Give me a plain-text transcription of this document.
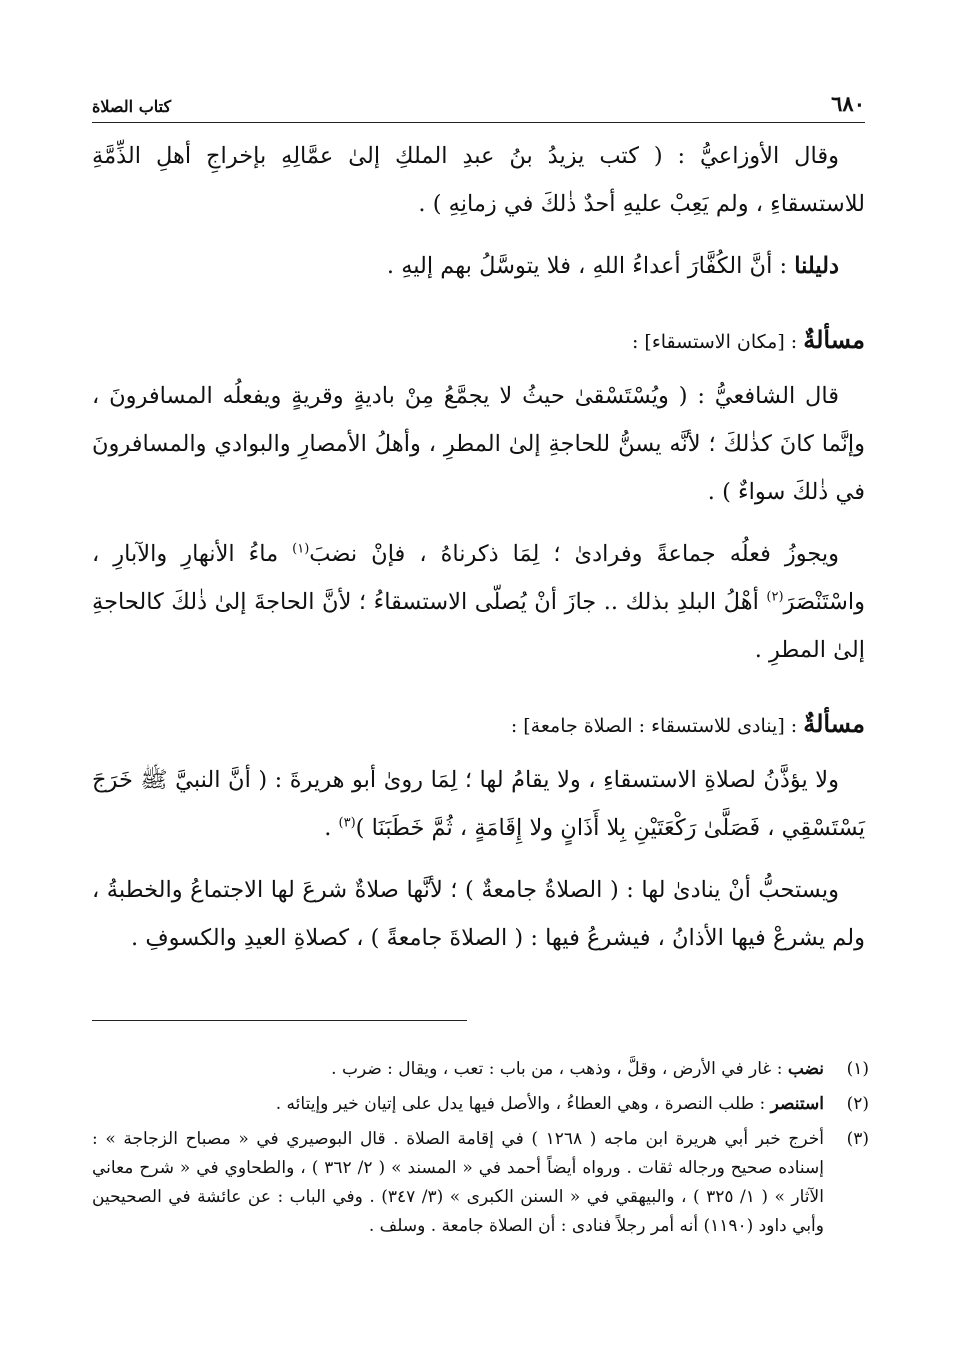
٦٨٠
كتاب الصلاة

وقال الأوزاعيُّ : ( كتب يزيدُ بنُ عبدِ الملكِ إلىٰ عمَّالِهِ بإخراجِ أهلِ الذِّمَّةِ للاستسقاءِ ، ولم يَعِبْ عليهِ أحدٌ ذٰلكَ في زمانِهِ ) .

دليلنا : أنَّ الكُفَّارَ أعداءُ اللهِ ، فلا يتوسَّلُ بهم إليهِ .

مسألةٌ : [مكان الاستسقاء] :

قال الشافعيُّ : ( ويُسْتَسْقىٰ حيثُ لا يجمَّعُ مِنْ باديةٍ وقريةٍ ويفعلُه المسافرونَ ، وإنَّما كانَ كذٰلكَ ؛ لأنَّه يسنُّ للحاجةِ إلىٰ المطرِ ، وأهلُ الأمصارِ والبوادي والمسافرونَ في ذٰلكَ سواءٌ ) .

ويجوزُ فعلُه جماعةً وفرادىٰ ؛ لِمَا ذكرناهُ ، فإنْ نضبَ$^{(١)}$ ماءُ الأنهارِ والآبارِ ، واسْتَنْصَرَ$^{(٢)}$ أهْلُ البلدِ بذلك .. جازَ أنْ يُصلّى الاستسقاءُ ؛ لأنَّ الحاجةَ إلىٰ ذٰلكَ كالحاجةِ إلىٰ المطرِ .

مسألةٌ : [ينادى للاستسقاء : الصلاة جامعة] :

ولا يؤذَّنُ لصلاةِ الاستسقاءِ ، ولا يقامُ لها ؛ لِمَا روىٰ أبو هريرةَ : ( أنَّ النبيَّ ﷺ خَرَجَ يَسْتَسْقِي ، فَصَلَّىٰ رَكْعَتَيْنِ بِلا أَذَانٍ ولا إِقَامَةٍ ، ثُمَّ خَطَبَنَا )$^{(٣)}$ .

ويستحبُّ أنْ ينادىٰ لها : ( الصلاةُ جامعةٌ ) ؛ لأنَّها صلاةٌ شرعَ لها الاجتماعُ والخطبةُ ، ولم يشرعْ فيها الأذانُ ، فيشرعُ فيها : ( الصلاةَ جامعةً ) ، كصلاةِ العيدِ والكسوفِ .

(١)
نضب : غار في الأرض ، وقلَّ ، وذهب ، من باب : تعب ، ويقال : ضرب .
(٢)
استنصر : طلب النصرة ، وهي العطاءُ ، والأصل فيها يدل على إتيان خير وإيتائه .
(٣)
أخرج خبر أبي هريرة ابن ماجه ( ١٢٦٨ ) في إقامة الصلاة . قال البوصيري في « مصباح الزجاجة » : إسناده صحيح ورجاله ثقات . ورواه أيضاً أحمد في « المسند » ( ٢/ ٣٦٢ ) ، والطحاوي في « شرح معاني الآثار » ( ١/ ٣٢٥ ) ، والبيهقي في « السنن الكبرى » (٣/ ٣٤٧) . وفي الباب : عن عائشة في الصحيحين وأبي داود (١١٩٠) أنه أمر رجلاً فنادى : أن الصلاة جامعة . وسلف .
